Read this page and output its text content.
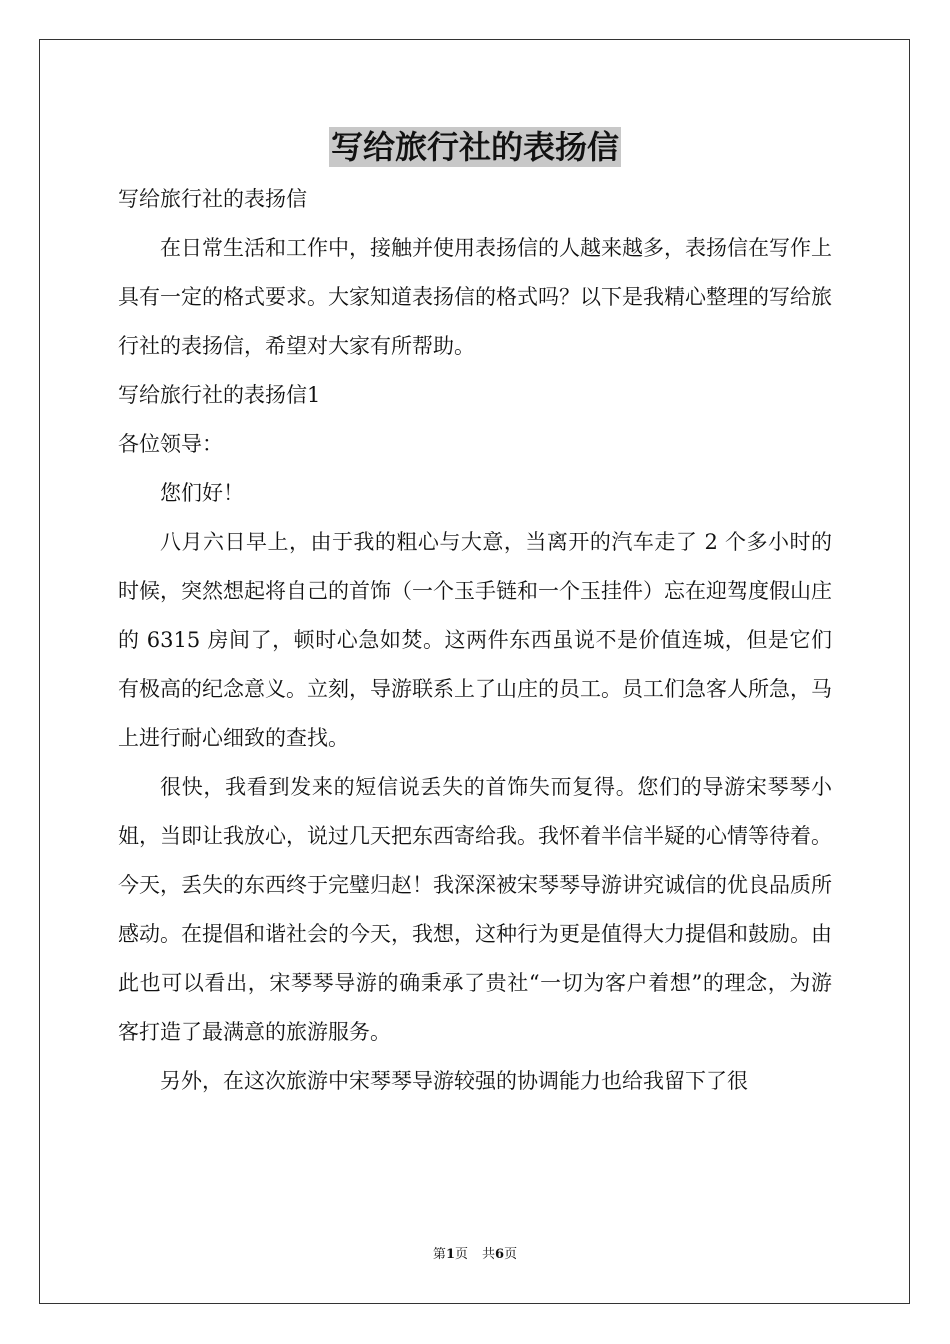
写给旅行社的表扬信

写给旅行社的表扬信

在日常生活和工作中，接触并使用表扬信的人越来越多，表扬信在写作上具有一定的格式要求。大家知道表扬信的格式吗？以下是我精心整理的写给旅行社的表扬信，希望对大家有所帮助。

写给旅行社的表扬信1

各位领导：

您们好！

八月六日早上，由于我的粗心与大意，当离开的汽车走了 2 个多小时的时候，突然想起将自己的首饰（一个玉手链和一个玉挂件）忘在迎驾度假山庄的 6315 房间了，顿时心急如焚。这两件东西虽说不是价值连城，但是它们有极高的纪念意义。立刻，导游联系上了山庄的员工。员工们急客人所急，马上进行耐心细致的查找。

很快，我看到发来的短信说丢失的首饰失而复得。您们的导游宋琴琴小姐，当即让我放心，说过几天把东西寄给我。我怀着半信半疑的心情等待着。今天，丢失的东西终于完璧归赵！我深深被宋琴琴导游讲究诚信的优良品质所感动。在提倡和谐社会的今天，我想，这种行为更是值得大力提倡和鼓励。由此也可以看出，宋琴琴导游的确秉承了贵社“一切为客户着想”的理念，为游客打造了最满意的旅游服务。

另外，在这次旅游中宋琴琴导游较强的协调能力也给我留下了很

第1页 共6页
